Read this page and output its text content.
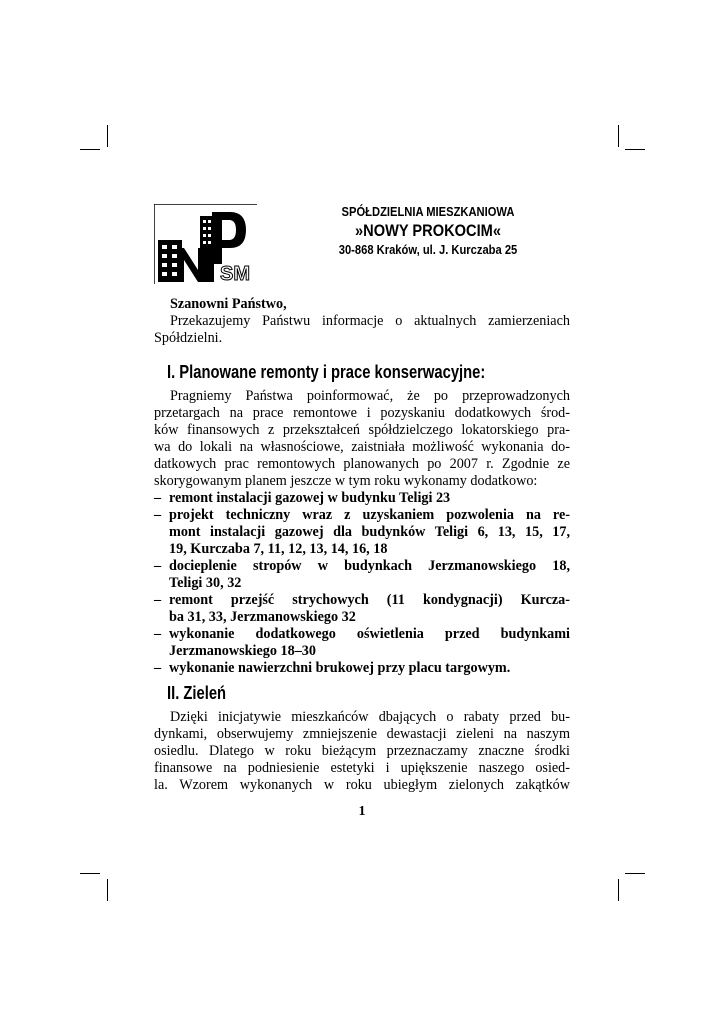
SM
SPÓŁDZIELNIA MIESZKANIOWA
»NOWY PROKOCIM«
30-868 Kraków, ul. J. Kurczaba 25
Szanowni Państwo,
Przekazujemy Państwu informacje o aktualnych zamierzeniach
Spółdzielni.
I. Planowane remonty i prace konserwacyjne:
Pragniemy Państwa poinformować, że po przeprowadzonych
przetargach na prace remontowe i pozyskaniu dodatkowych środ-
ków finansowych z przekształceń spółdzielczego lokatorskiego pra-
wa do lokali na własnościowe, zaistniała możliwość wykonania do-
datkowych prac remontowych planowanych po 2007 r. Zgodnie ze
skorygowanym planem jeszcze w tym roku wykonamy dodatkowo:
– remont instalacji gazowej w budynku Teligi 23
– projekt techniczny wraz z uzyskaniem pozwolenia na re-
mont instalacji gazowej dla budynków Teligi 6, 13, 15, 17,
19, Kurczaba 7, 11, 12, 13, 14, 16, 18
– docieplenie stropów w budynkach Jerzmanowskiego 18,
Teligi 30, 32
– remont przejść strychowych (11 kondygnacji) Kurcza-
ba 31, 33, Jerzmanowskiego 32
– wykonanie dodatkowego oświetlenia przed budynkami
Jerzmanowskiego 18–30
– wykonanie nawierzchni brukowej przy placu targowym.
II. Zieleń
Dzięki inicjatywie mieszkańców dbających o rabaty przed bu-
dynkami, obserwujemy zmniejszenie dewastacji zieleni na naszym
osiedlu. Dlatego w roku bieżącym przeznaczamy znaczne środki
finansowe na podniesienie estetyki i upiększenie naszego osied-
la. Wzorem wykonanych w roku ubiegłym zielonych zakątków
1
